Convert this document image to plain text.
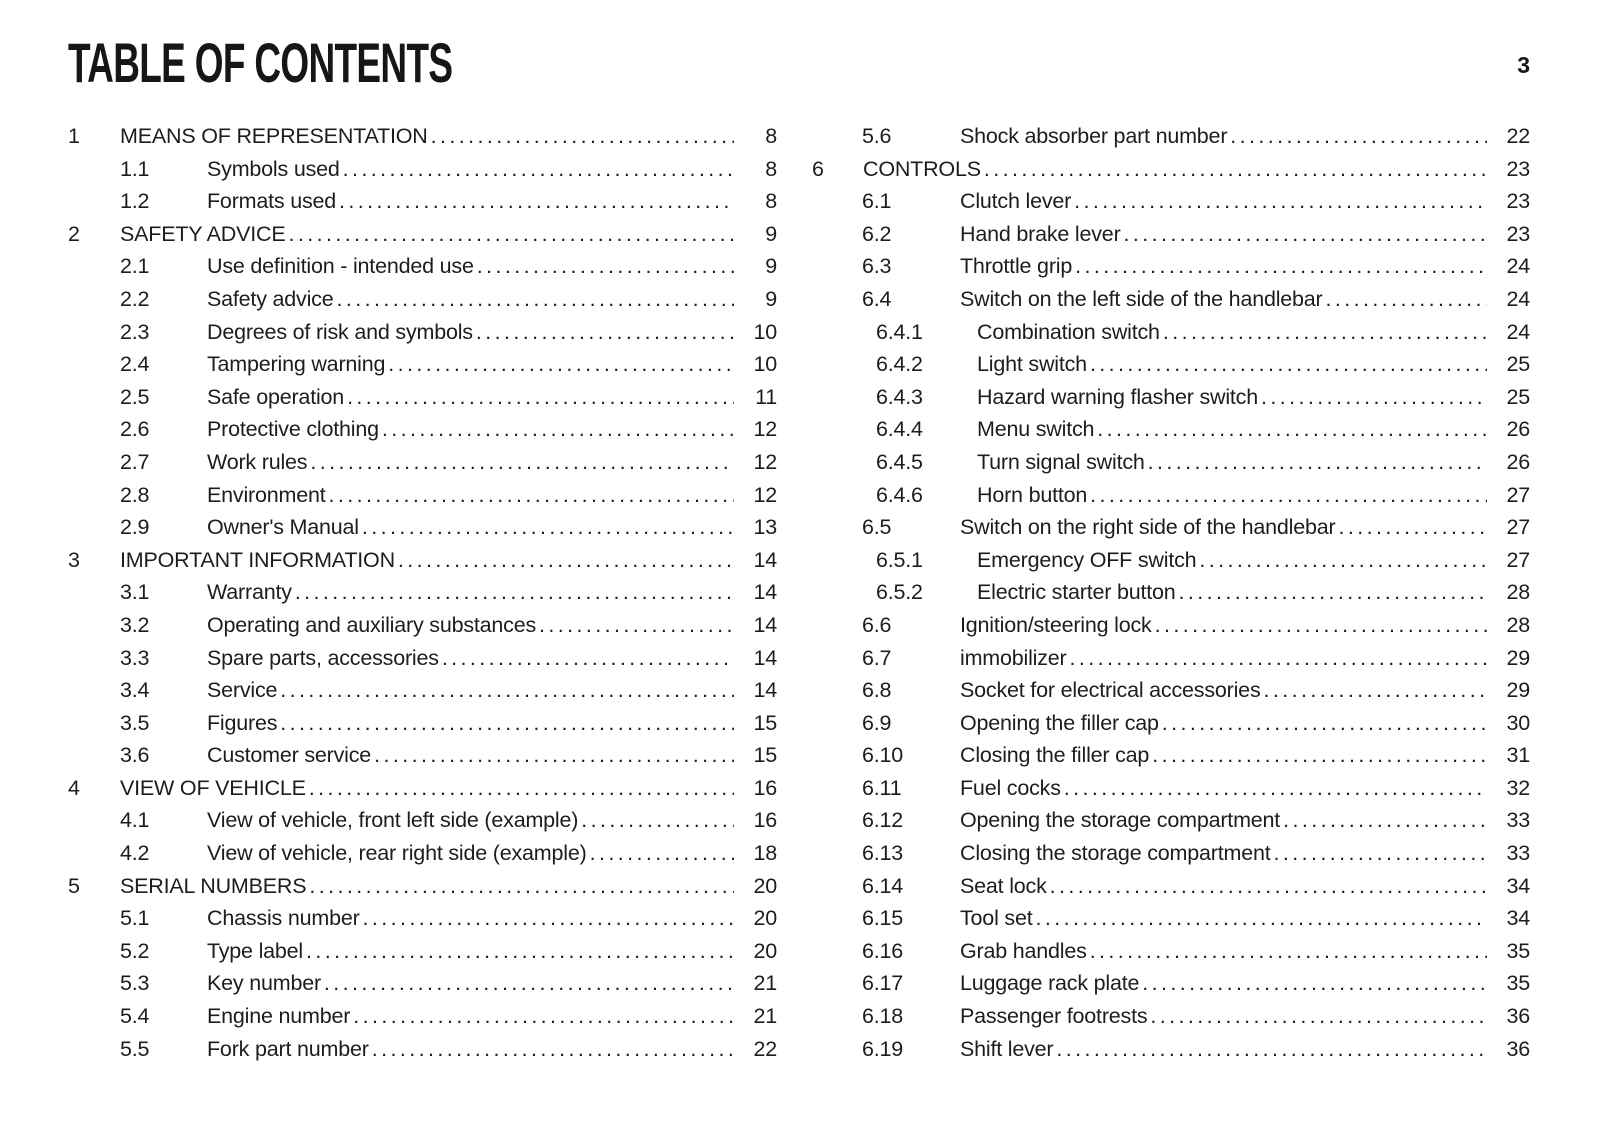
TABLE OF CONTENTS	3
1	MEANS OF REPRESENTATION .....	8
1.1	Symbols used .....	8
1.2	Formats used .....	8
2	SAFETY ADVICE .....	9
2.1	Use definition - intended use .....	9
2.2	Safety advice .....	9
2.3	Degrees of risk and symbols .....	10
2.4	Tampering warning .....	10
2.5	Safe operation .....	11
2.6	Protective clothing .....	12
2.7	Work rules .....	12
2.8	Environment .....	12
2.9	Owner's Manual .....	13
3	IMPORTANT INFORMATION .....	14
3.1	Warranty .....	14
3.2	Operating and auxiliary substances .....	14
3.3	Spare parts, accessories .....	14
3.4	Service .....	14
3.5	Figures .....	15
3.6	Customer service .....	15
4	VIEW OF VEHICLE .....	16
4.1	View of vehicle, front left side (example) .....	16
4.2	View of vehicle, rear right side (example) .....	18
5	SERIAL NUMBERS .....	20
5.1	Chassis number .....	20
5.2	Type label .....	20
5.3	Key number .....	21
5.4	Engine number .....	21
5.5	Fork part number .....	22
5.6	Shock absorber part number .....	22
6	CONTROLS .....	23
6.1	Clutch lever .....	23
6.2	Hand brake lever .....	23
6.3	Throttle grip .....	24
6.4	Switch on the left side of the handlebar .....	24
6.4.1	Combination switch .....	24
6.4.2	Light switch .....	25
6.4.3	Hazard warning flasher switch .....	25
6.4.4	Menu switch .....	26
6.4.5	Turn signal switch .....	26
6.4.6	Horn button .....	27
6.5	Switch on the right side of the handlebar .....	27
6.5.1	Emergency OFF switch .....	27
6.5.2	Electric starter button .....	28
6.6	Ignition/steering lock .....	28
6.7	immobilizer .....	29
6.8	Socket for electrical accessories .....	29
6.9	Opening the filler cap .....	30
6.10	Closing the filler cap .....	31
6.11	Fuel cocks .....	32
6.12	Opening the storage compartment .....	33
6.13	Closing the storage compartment .....	33
6.14	Seat lock .....	34
6.15	Tool set .....	34
6.16	Grab handles .....	35
6.17	Luggage rack plate .....	35
6.18	Passenger footrests .....	36
6.19	Shift lever .....	36
